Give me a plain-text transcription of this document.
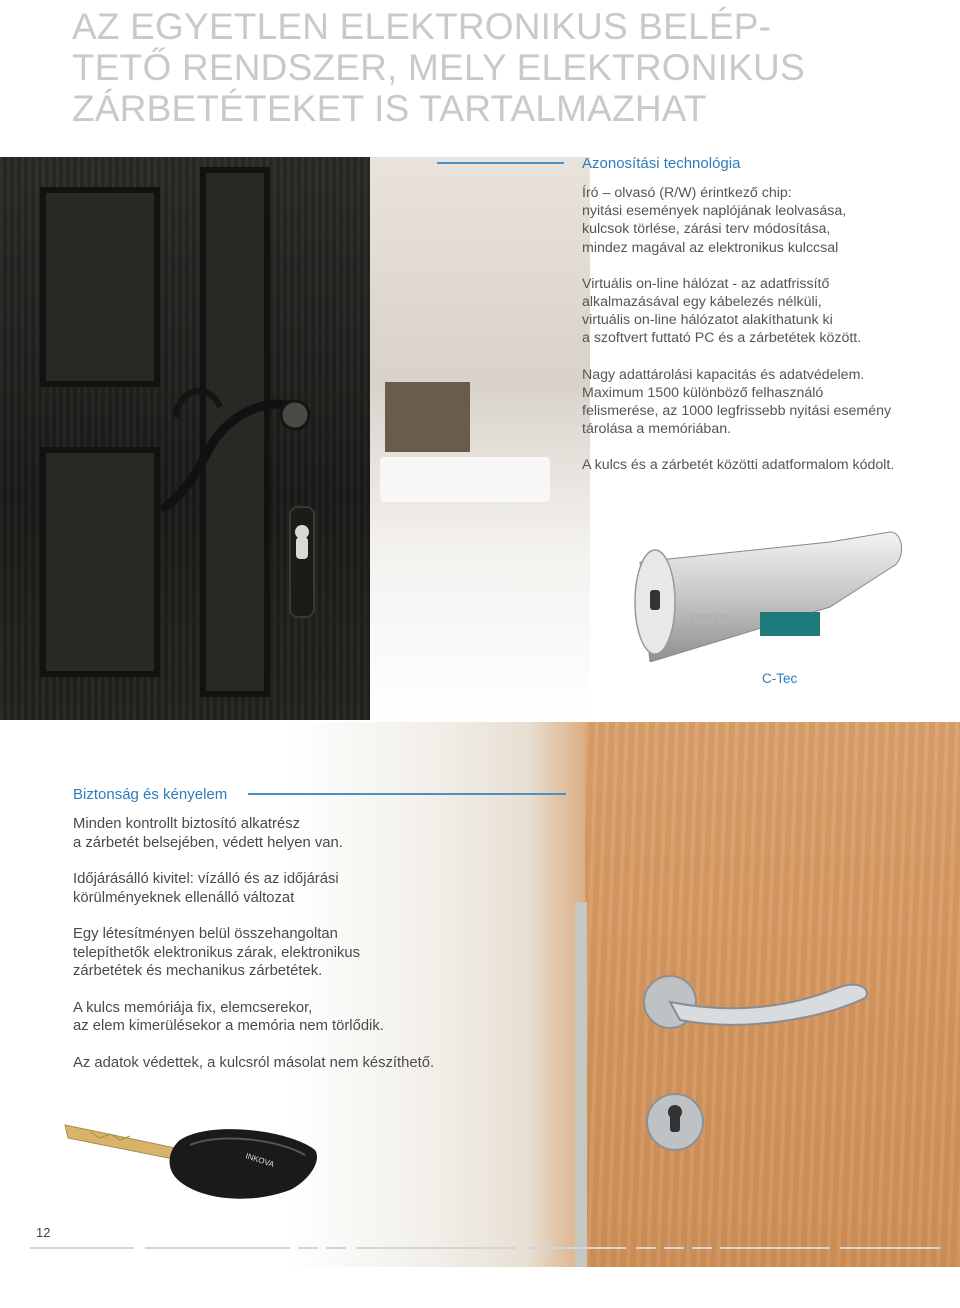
AZ EGYETLEN ELEKTRONIKUS BELÉP-
TETŐ RENDSZER, MELY ELEKTRONIKUS
ZÁRBETÉTEKET IS TARTALMAZHAT
Azonosítási technológia

Író – olvasó (R/W) érintkező chip:
nyitási események naplójának leolvasása,
kulcsok törlése, zárási terv módosítása,
mindez magával az elektronikus kulccsal

Virtuális on-line hálózat - az adatfrissítő
alkalmazásával egy kábelezés nélküli,
virtuális on-line hálózatot alakíthatunk ki
a szoftvert futtató PC és a zárbetétek között.

Nagy adattárolási kapacitás és adatvédelem.
Maximum 1500 különböző felhasználó
felismerése, az 1000 legfrissebb nyitási esemény
tárolása a memóriában.

A kulcs és a zárbetét közötti adatformalom kódolt.

ECOVSTO
C-Tec
Biztonság és kényelem

Minden kontrollt biztosító alkatrész
a zárbetét belsejében, védett helyen van.

Időjárásálló kivitel: vízálló és az időjárási
körülményeknek ellenálló változat

Egy létesítményen belül összehangoltan
telepíthetők elektronikus zárak, elektronikus
zárbetétek és mechanikus zárbetétek.

A kulcs memóriája fix, elemcserekor,
az elem kimerülésekor a memória nem törlődik.

Az adatok védettek, a kulcsról másolat nem készíthető.

INKOVA
12
